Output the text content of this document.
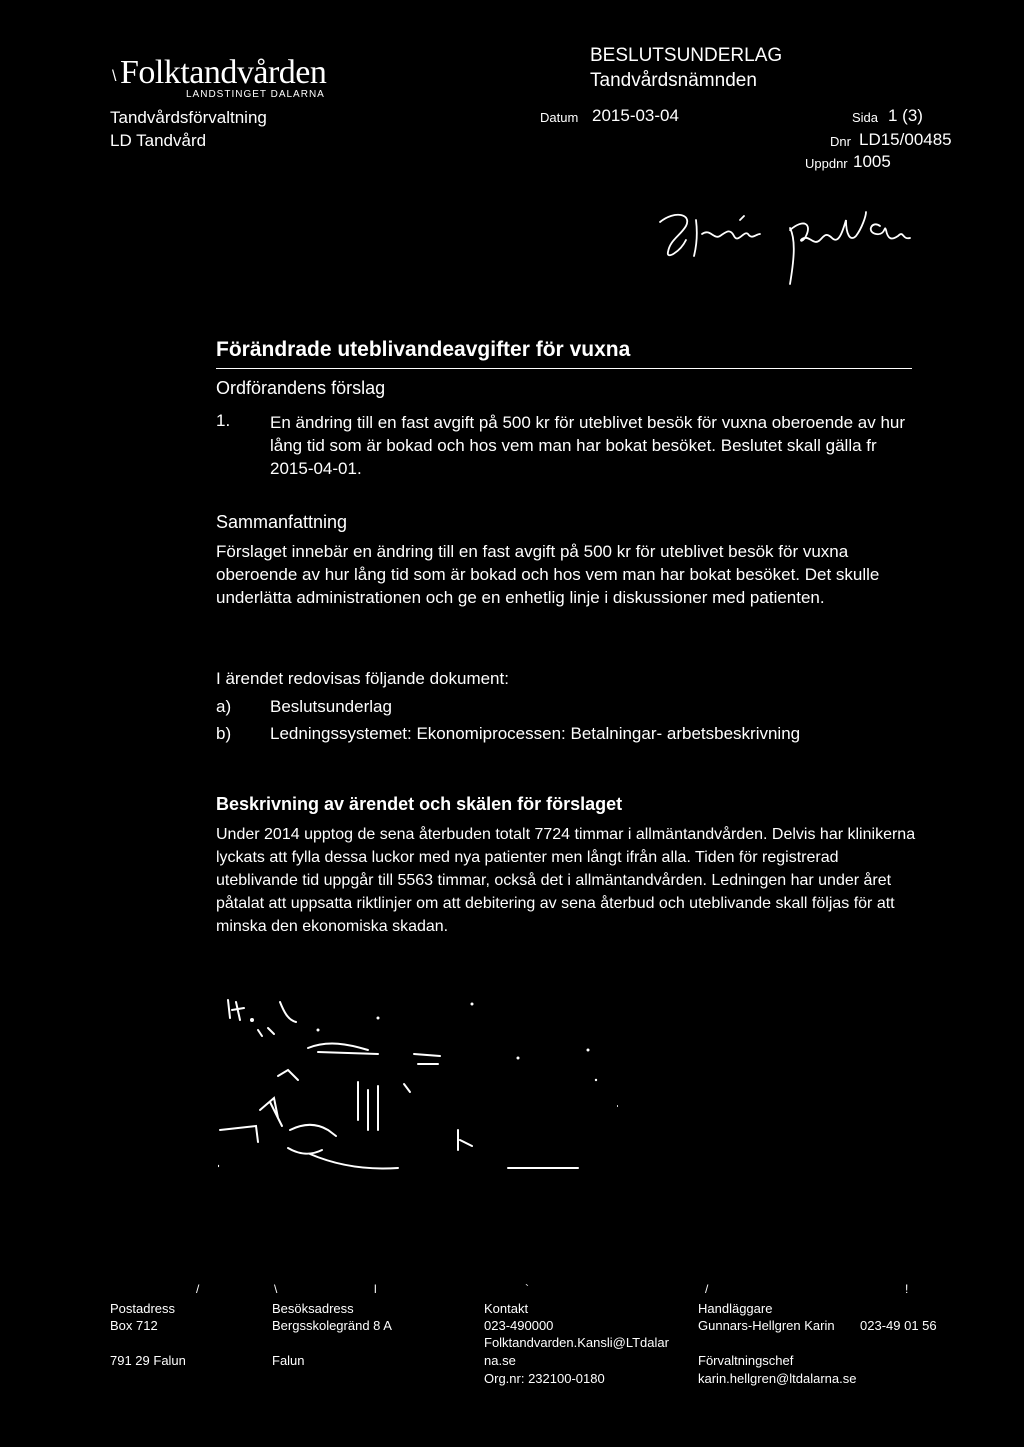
\ Folktandvården
LANDSTINGET DALARNA
Tandvårdsförvaltning
LD Tandvård
BESLUTSUNDERLAG
Tandvårdsnämnden
Datum 2015-03-04	Sida 1 (3)
Dnr LD15/00485
Uppdnr 1005
Förändrade uteblivandeavgifter för vuxna
Ordförandens förslag
1. En ändring till en fast avgift på 500 kr för uteblivet besök för vuxna oberoende av hur lång tid som är bokad och hos vem man har bokat besöket. Beslutet skall gälla fr 2015-04-01.
Sammanfattning
Förslaget innebär en ändring till en fast avgift på 500 kr för uteblivet besök för vuxna oberoende av hur lång tid som är bokad och hos vem man har bokat besöket. Det skulle underlätta administrationen och ge en enhetlig linje i diskussioner med patienten.
I ärendet redovisas följande dokument:
a) Beslutsunderlag
b) Ledningssystemet: Ekonomiprocessen: Betalningar- arbetsbeskrivning
Beskrivning av ärendet och skälen för förslaget
Under 2014 upptog de sena återbuden totalt 7724 timmar i allmäntandvården. Delvis har klinikerna lyckats att fylla dessa luckor med nya patienter men långt ifrån alla. Tiden för registrerad uteblivande tid uppgår till 5563 timmar, också det i allmäntandvården. Ledningen har under året påtalat att uppsatta riktlinjer om att debitering av sena återbud och uteblivande skall följas för att minska den ekonomiska skadan.
/	\	l	`	/	!
Postadress
Box 712
791 29 Falun
Besöksadress
Bergsskolegränd 8 A
Falun
Kontakt
023-490000
Folktandvarden.Kansli@LTdalar
na.se
Org.nr: 232100-0180
Handläggare
Gunnars-Hellgren Karin 023-49 01 56
Förvaltningschef
karin.hellgren@ltdalarna.se
